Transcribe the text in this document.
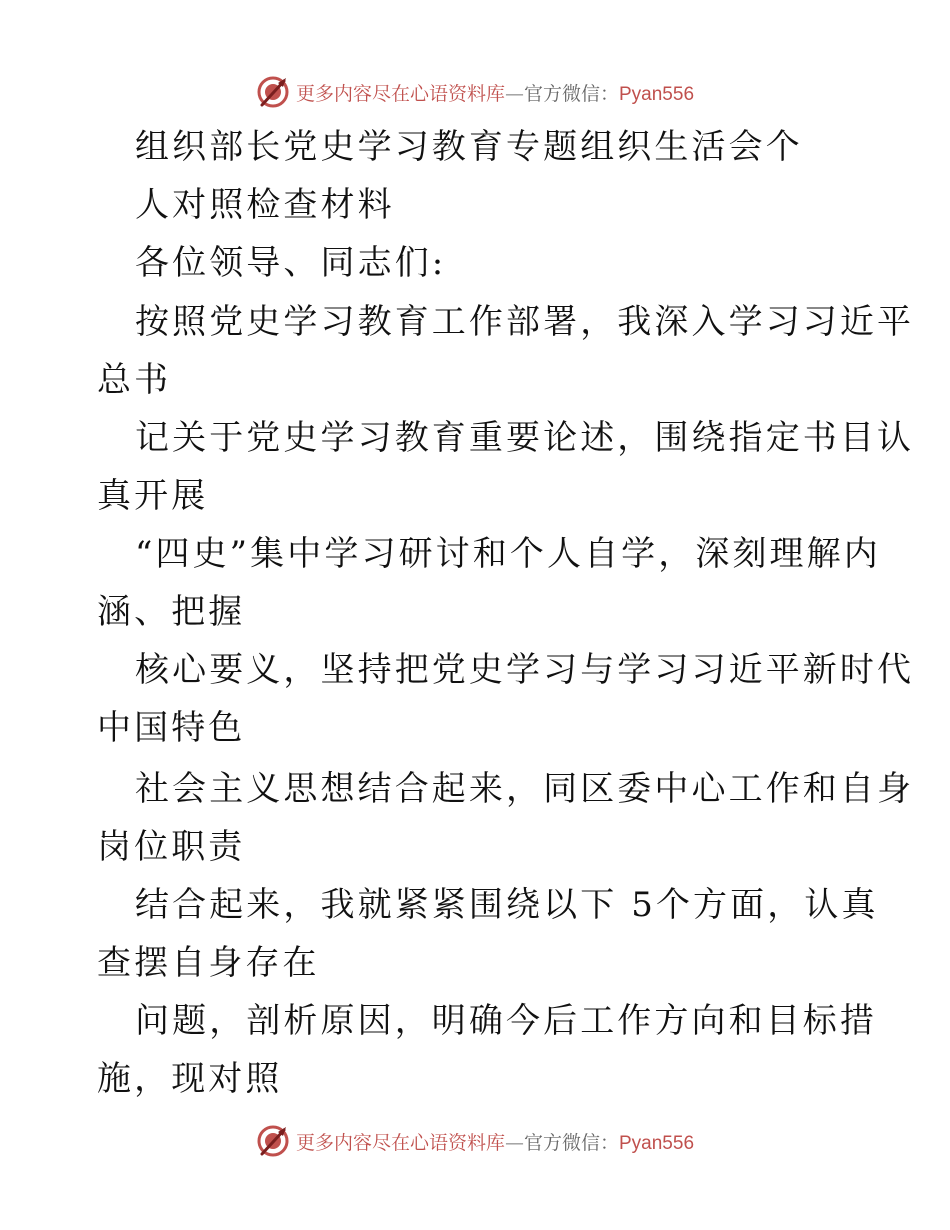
更多内容尽在心语资料库—官方微信：Pyan556
组织部长党史学习教育专题组织生活会个
人对照检查材料
各位领导、同志们:
按照党史学习教育工作部署，我深入学习习近平
总书
记关于党史学习教育重要论述，围绕指定书目认
真开展
“四史”集中学习研讨和个人自学，深刻理解内
涵、把握
核心要义，坚持把党史学习与学习习近平新时代
中国特色
社会主义思想结合起来，同区委中心工作和自身
岗位职责
结合起来，我就紧紧围绕以下 5个方面，认真
查摆自身存在
问题，剖析原因，明确今后工作方向和目标措
施，现对照
更多内容尽在心语资料库—官方微信：Pyan556
